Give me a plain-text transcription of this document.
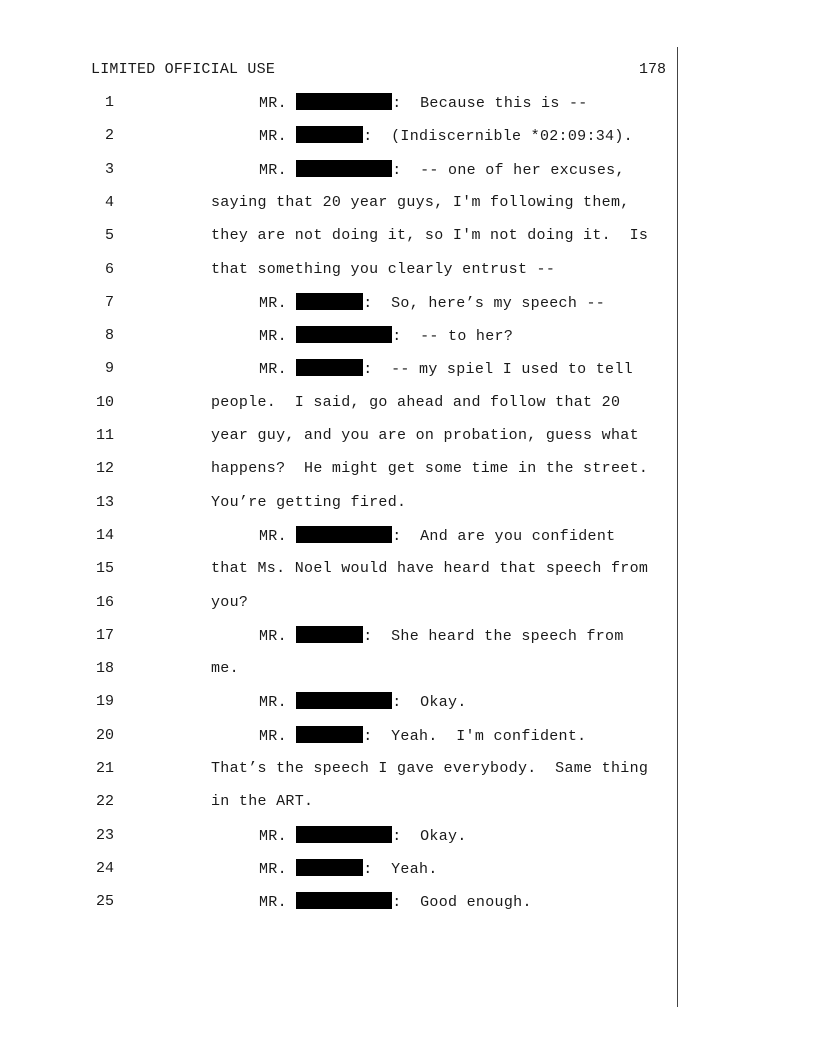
LIMITED OFFICIAL USE	178
1	MR.	:  Because this is --
2	MR.	:  (Indiscernible *02:09:34).
3	MR.	:  -- one of her excuses,
4	saying that 20 year guys, I'm following them,
5	they are not doing it, so I'm not doing it.  Is
6	that something you clearly entrust --
7	MR.	:  So, here’s my speech --
8	MR.	:  -- to her?
9	MR.	:  -- my spiel I used to tell
10	people.  I said, go ahead and follow that 20
11	year guy, and you are on probation, guess what
12	happens?  He might get some time in the street.
13	You’re getting fired.
14	MR.	:  And are you confident
15	that Ms. Noel would have heard that speech from
16	you?
17	MR.	:  She heard the speech from
18	me.
19	MR.	:  Okay.
20	MR.	:  Yeah.  I'm confident.
21	That’s the speech I gave everybody.  Same thing
22	in the ART.
23	MR.	:  Okay.
24	MR.	:  Yeah.
25	MR.	:  Good enough.
